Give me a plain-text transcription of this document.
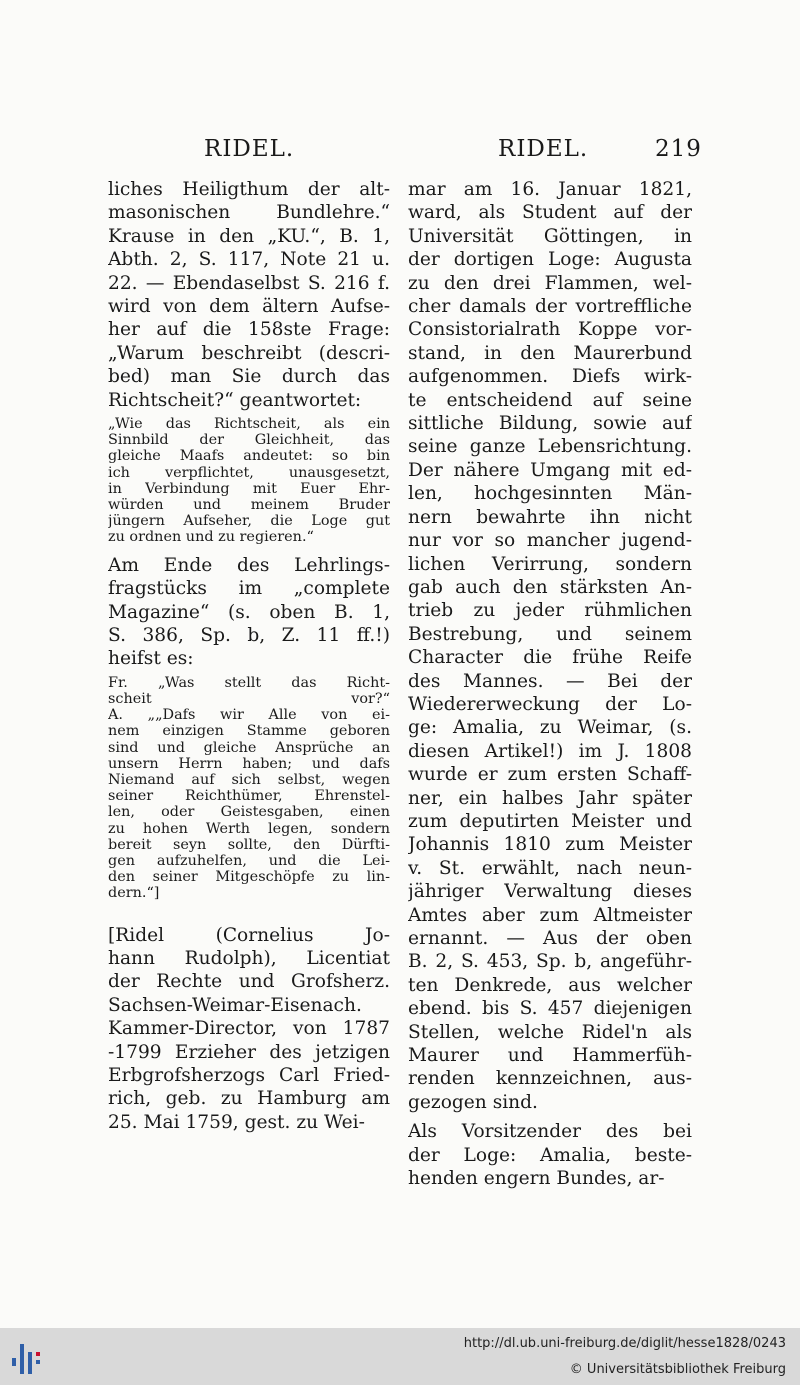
RIDEL.	RIDEL.	219
liches Heiligthum der alt-
masonischen Bundlehre.“
Krause in den „KU.“, B. 1,
Abth. 2, S. 117, Note 21 u.
22. — Ebendaselbst S. 216 f.
wird von dem ältern Aufse-
her auf die 158ste Frage:
„Warum beschreibt (descri-
bed) man Sie durch das
Richtscheit?“ geantwortet:
„Wie das Richtscheit, als ein
Sinnbild der Gleichheit, das
gleiche Maafs andeutet: so bin
ich verpflichtet, unausgesetzt,
in Verbindung mit Euer Ehr-
würden und meinem Bruder
jüngern Aufseher, die Loge gut
zu ordnen und zu regieren.“
Am Ende des Lehrlings-
fragstücks im „complete
Magazine“ (s. oben B. 1,
S. 386, Sp. b, Z. 11 ff.!)
heifst es:
Fr. „Was stellt das Richt-
scheit vor?“
A. „„Dafs wir Alle von ei-
nem einzigen Stamme geboren
sind und gleiche Ansprüche an
unsern Herrn haben; und dafs
Niemand auf sich selbst, wegen
seiner Reichthümer, Ehrenstel-
len, oder Geistesgaben, einen
zu hohen Werth legen, sondern
bereit seyn sollte, den Dürfti-
gen aufzuhelfen, und die Lei-
den seiner Mitgeschöpfe zu lin-
dern.“]
[Ridel (Cornelius Jo-
hann Rudolph), Licentiat
der Rechte und Grofsherz.
Sachsen-Weimar-Eisenach.
Kammer-Director, von 1787
-1799 Erzieher des jetzigen
Erbgrofsherzogs Carl Fried-
rich, geb. zu Hamburg am
25. Mai 1759, gest. zu Wei-
mar am 16. Januar 1821,
ward, als Student auf der
Universität Göttingen, in
der dortigen Loge: Augusta
zu den drei Flammen, wel-
cher damals der vortreffliche
Consistorialrath Koppe vor-
stand, in den Maurerbund
aufgenommen. Diefs wirk-
te entscheidend auf seine
sittliche Bildung, sowie auf
seine ganze Lebensrichtung.
Der nähere Umgang mit ed-
len, hochgesinnten Män-
nern bewahrte ihn nicht
nur vor so mancher jugend-
lichen Verirrung, sondern
gab auch den stärksten An-
trieb zu jeder rühmlichen
Bestrebung, und seinem
Character die frühe Reife
des Mannes. — Bei der
Wiedererweckung der Lo-
ge: Amalia, zu Weimar, (s.
diesen Artikel!) im J. 1808
wurde er zum ersten Schaff-
ner, ein halbes Jahr später
zum deputirten Meister und
Johannis 1810 zum Meister
v. St. erwählt, nach neun-
jähriger Verwaltung dieses
Amtes aber zum Altmeister
ernannt. — Aus der oben
B. 2, S. 453, Sp. b, angeführ-
ten Denkrede, aus welcher
ebend. bis S. 457 diejenigen
Stellen, welche Ridel'n als
Maurer und Hammerfüh-
renden kennzeichnen, aus-
gezogen sind.
Als Vorsitzender des bei
der Loge: Amalia, beste-
henden engern Bundes, ar-
http://dl.ub.uni-freiburg.de/diglit/hesse1828/0243
© Universitätsbibliothek Freiburg
